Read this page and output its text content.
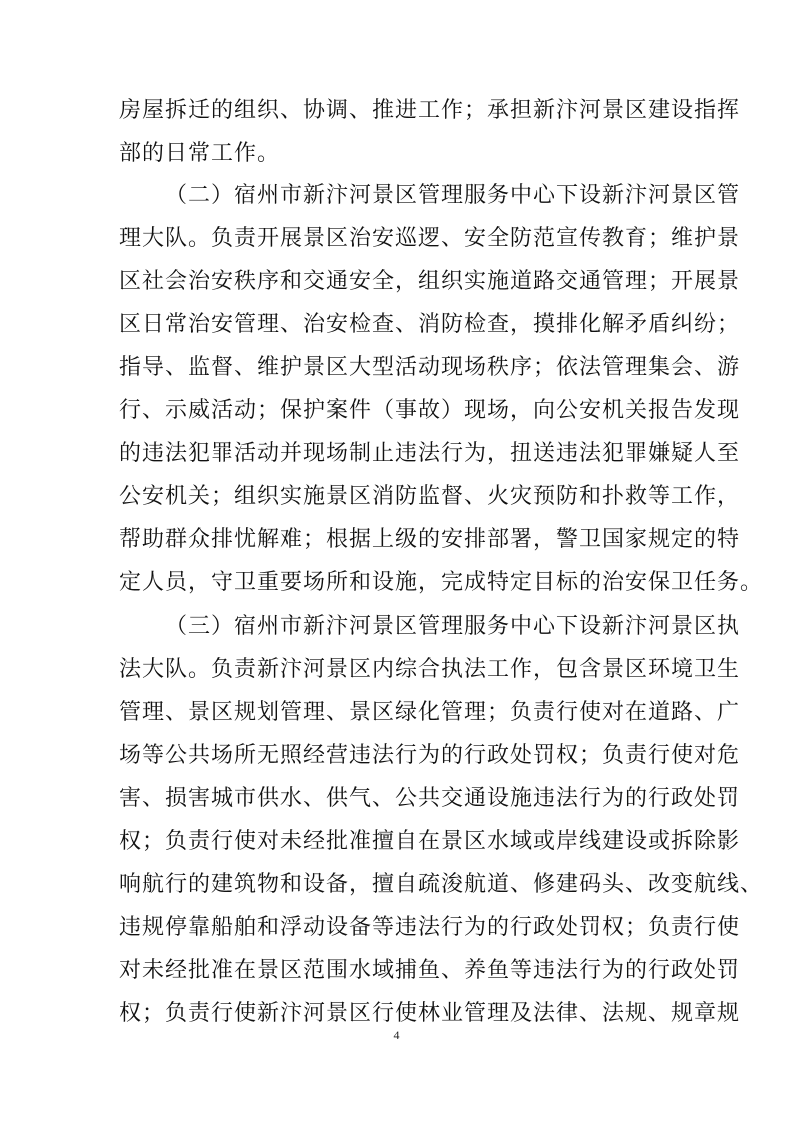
房屋拆迁的组织、协调、推进工作；承担新汴河景区建设指挥
部的日常工作。
（二）宿州市新汴河景区管理服务中心下设新汴河景区管
理大队。负责开展景区治安巡逻、安全防范宣传教育；维护景
区社会治安秩序和交通安全，组织实施道路交通管理；开展景
区日常治安管理、治安检查、消防检查，摸排化解矛盾纠纷；
指导、监督、维护景区大型活动现场秩序；依法管理集会、游
行、示威活动；保护案件（事故）现场，向公安机关报告发现
的违法犯罪活动并现场制止违法行为，扭送违法犯罪嫌疑人至
公安机关；组织实施景区消防监督、火灾预防和扑救等工作，
帮助群众排忧解难；根据上级的安排部署，警卫国家规定的特
定人员，守卫重要场所和设施，完成特定目标的治安保卫任务。
（三）宿州市新汴河景区管理服务中心下设新汴河景区执
法大队。负责新汴河景区内综合执法工作，包含景区环境卫生
管理、景区规划管理、景区绿化管理；负责行使对在道路、广
场等公共场所无照经营违法行为的行政处罚权；负责行使对危
害、损害城市供水、供气、公共交通设施违法行为的行政处罚
权；负责行使对未经批准擅自在景区水域或岸线建设或拆除影
响航行的建筑物和设备，擅自疏浚航道、修建码头、改变航线、
违规停靠船舶和浮动设备等违法行为的行政处罚权；负责行使
对未经批准在景区范围水域捕鱼、养鱼等违法行为的行政处罚
权；负责行使新汴河景区行使林业管理及法律、法规、规章规
4
